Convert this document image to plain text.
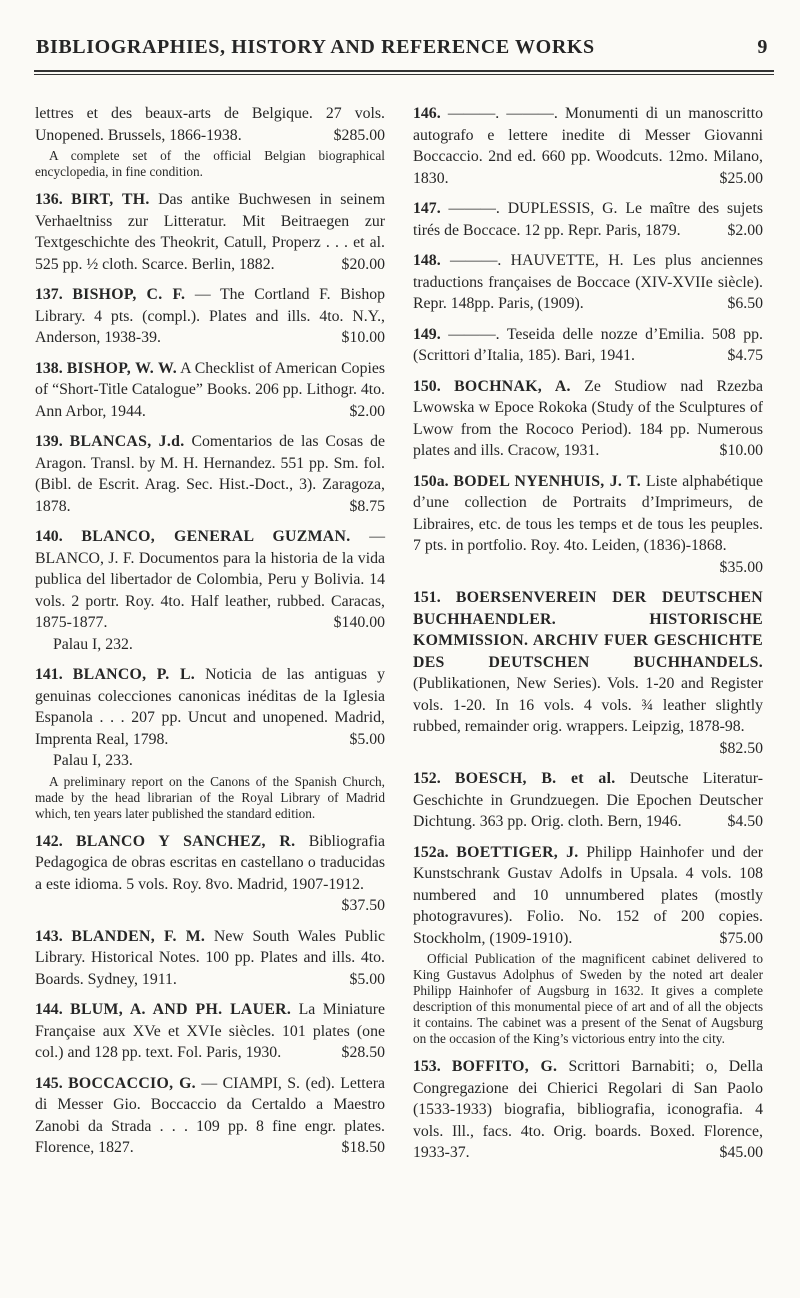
BIBLIOGRAPHIES, HISTORY AND REFERENCE WORKS	9
lettres et des beaux-arts de Belgique. 27 vols. Unopened. Brussels, 1866-1938.	$285.00
A complete set of the official Belgian biographical encyclopedia, in fine condition.
136. BIRT, TH. Das antike Buchwesen in seinem Verhaeltniss zur Litteratur. Mit Beitraegen zur Textgeschichte des Theokrit, Catull, Properz . . . et al. 525 pp. ½ cloth. Scarce. Berlin, 1882.	$20.00
137. BISHOP, C. F. — The Cortland F. Bishop Library. 4 pts. (compl.). Plates and ills. 4to. N.Y., Anderson, 1938-39.	$10.00
138. BISHOP, W. W. A Checklist of American Copies of “Short-Title Catalogue” Books. 206 pp. Lithogr. 4to. Ann Arbor, 1944.	$2.00
139. BLANCAS, J.d. Comentarios de las Cosas de Aragon. Transl. by M. H. Hernandez. 551 pp. Sm. fol. (Bibl. de Escrit. Arag. Sec. Hist.-Doct., 3). Zaragoza, 1878.	$8.75
140. BLANCO, GENERAL GUZMAN. — BLANCO, J. F. Documentos para la historia de la vida publica del libertador de Colombia, Peru y Bolivia. 14 vols. 2 portr. Roy. 4to. Half leather, rubbed. Caracas, 1875-1877.	$140.00
Palau I, 232.
141. BLANCO, P. L. Noticia de las antiguas y genuinas colecciones canonicas inéditas de la Iglesia Espanola . . . 207 pp. Uncut and unopened. Madrid, Imprenta Real, 1798.	$5.00
Palau I, 233.
A preliminary report on the Canons of the Spanish Church, made by the head librarian of the Royal Library of Madrid which, ten years later published the standard edition.
142. BLANCO Y SANCHEZ, R. Bibliografia Pedagogica de obras escritas en castellano o traducidas a este idioma. 5 vols. Roy. 8vo. Madrid, 1907-1912.
$37.50
143. BLANDEN, F. M. New South Wales Public Library. Historical Notes. 100 pp. Plates and ills. 4to. Boards. Sydney, 1911.	$5.00
144. BLUM, A. AND PH. LAUER. La Miniature Française aux XVe et XVIe siècles. 101 plates (one col.) and 128 pp. text. Fol. Paris, 1930.	$28.50
145. BOCCACCIO, G. — CIAMPI, S. (ed). Lettera di Messer Gio. Boccaccio da Certaldo a Maestro Zanobi da Strada . . . 109 pp. 8 fine engr. plates. Florence, 1827.	$18.50
146. ———. ———. Monumenti di un manoscritto autografo e lettere inedite di Messer Giovanni Boccaccio. 2nd ed. 660 pp. Woodcuts. 12mo. Milano, 1830.	$25.00
147. ———. DUPLESSIS, G. Le maître des sujets tirés de Boccace. 12 pp. Repr. Paris, 1879.	$2.00
148. ———. HAUVETTE, H. Les plus anciennes traductions françaises de Boccace (XIV-XVIIe siècle). Repr. 148pp. Paris, (1909).	$6.50
149. ———. Teseida delle nozze d’Emilia. 508 pp. (Scrittori d’Italia, 185). Bari, 1941.	$4.75
150. BOCHNAK, A. Ze Studiow nad Rzezba Lwowska w Epoce Rokoka (Study of the Sculptures of Lwow from the Rococo Period). 184 pp. Numerous plates and ills. Cracow, 1931.	$10.00
150a. BODEL NYENHUIS, J. T. Liste alphabétique d’une collection de Portraits d’Imprimeurs, de Libraires, etc. de tous les temps et de tous les peuples. 7 pts. in portfolio. Roy. 4to. Leiden, (1836)-1868.
$35.00
151. BOERSENVEREIN DER DEUTSCHEN BUCHHAENDLER. HISTORISCHE KOMMISSION. ARCHIV FUER GESCHICHTE DES DEUTSCHEN BUCHHANDELS. (Publikationen, New Series). Vols. 1-20 and Register vols. 1-20. In 16 vols. 4 vols. ¾ leather slightly rubbed, remainder orig. wrappers. Leipzig, 1878-98.
$82.50
152. BOESCH, B. et al. Deutsche Literatur-Geschichte in Grundzuegen. Die Epochen Deutscher Dichtung. 363 pp. Orig. cloth. Bern, 1946.	$4.50
152a. BOETTIGER, J. Philipp Hainhofer und der Kunstschrank Gustav Adolfs in Upsala. 4 vols. 108 numbered and 10 unnumbered plates (mostly photogravures). Folio. No. 152 of 200 copies. Stockholm, (1909-1910).	$75.00
Official Publication of the magnificent cabinet delivered to King Gustavus Adolphus of Sweden by the noted art dealer Philipp Hainhofer of Augsburg in 1632. It gives a complete description of this monumental piece of art and of all the objects it contains. The cabinet was a present of the Senat of Augsburg on the occasion of the King’s victorious entry into the city.
153. BOFFITO, G. Scrittori Barnabiti; o, Della Congregazione dei Chierici Regolari di San Paolo (1533-1933) biografia, bibliografia, iconografia. 4 vols. Ill., facs. 4to. Orig. boards. Boxed. Florence, 1933-37.	$45.00
